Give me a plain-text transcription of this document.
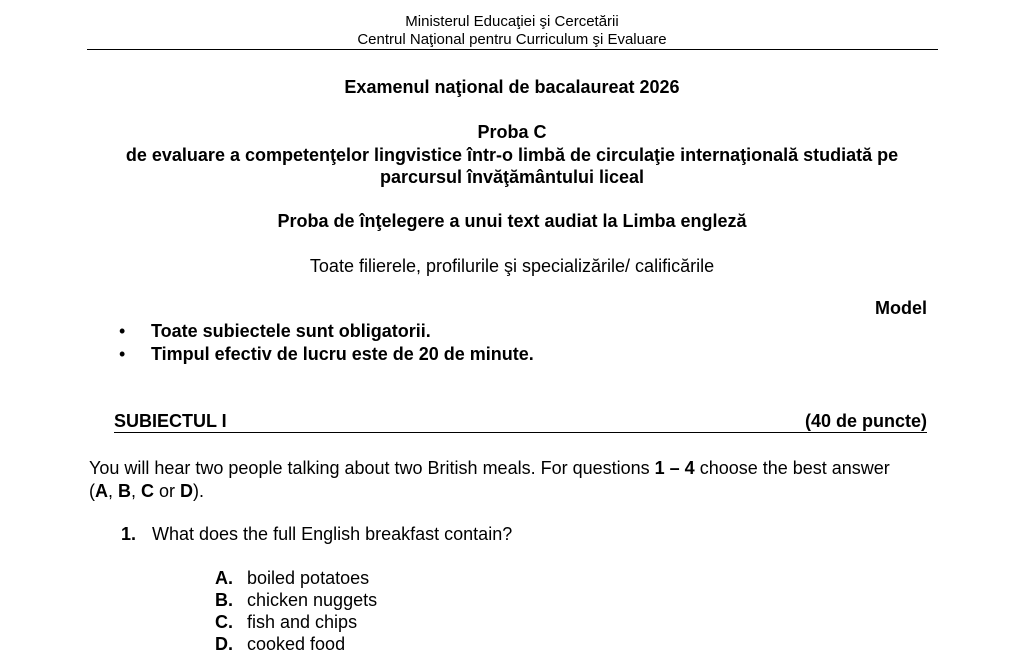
Ministerul Educaţiei şi Cercetării
Centrul Naţional pentru Curriculum şi Evaluare
Examenul naţional de bacalaureat 2026
Proba C
de evaluare a competenţelor lingvistice într-o limbă de circulaţie internaţională studiată pe
parcursul învăţământului liceal
Proba de înţelegere a unui text audiat la Limba engleză
Toate filierele, profilurile şi specializările/ calificările
Model
• Toate subiectele sunt obligatorii.
• Timpul efectiv de lucru este de 20 de minute.
SUBIECTUL I	(40 de puncte)
You will hear two people talking about two British meals. For questions 1 – 4 choose the best answer
(A, B, C or D).
1. What does the full English breakfast contain?
A. boiled potatoes
B. chicken nuggets
C. fish and chips
D. cooked food
